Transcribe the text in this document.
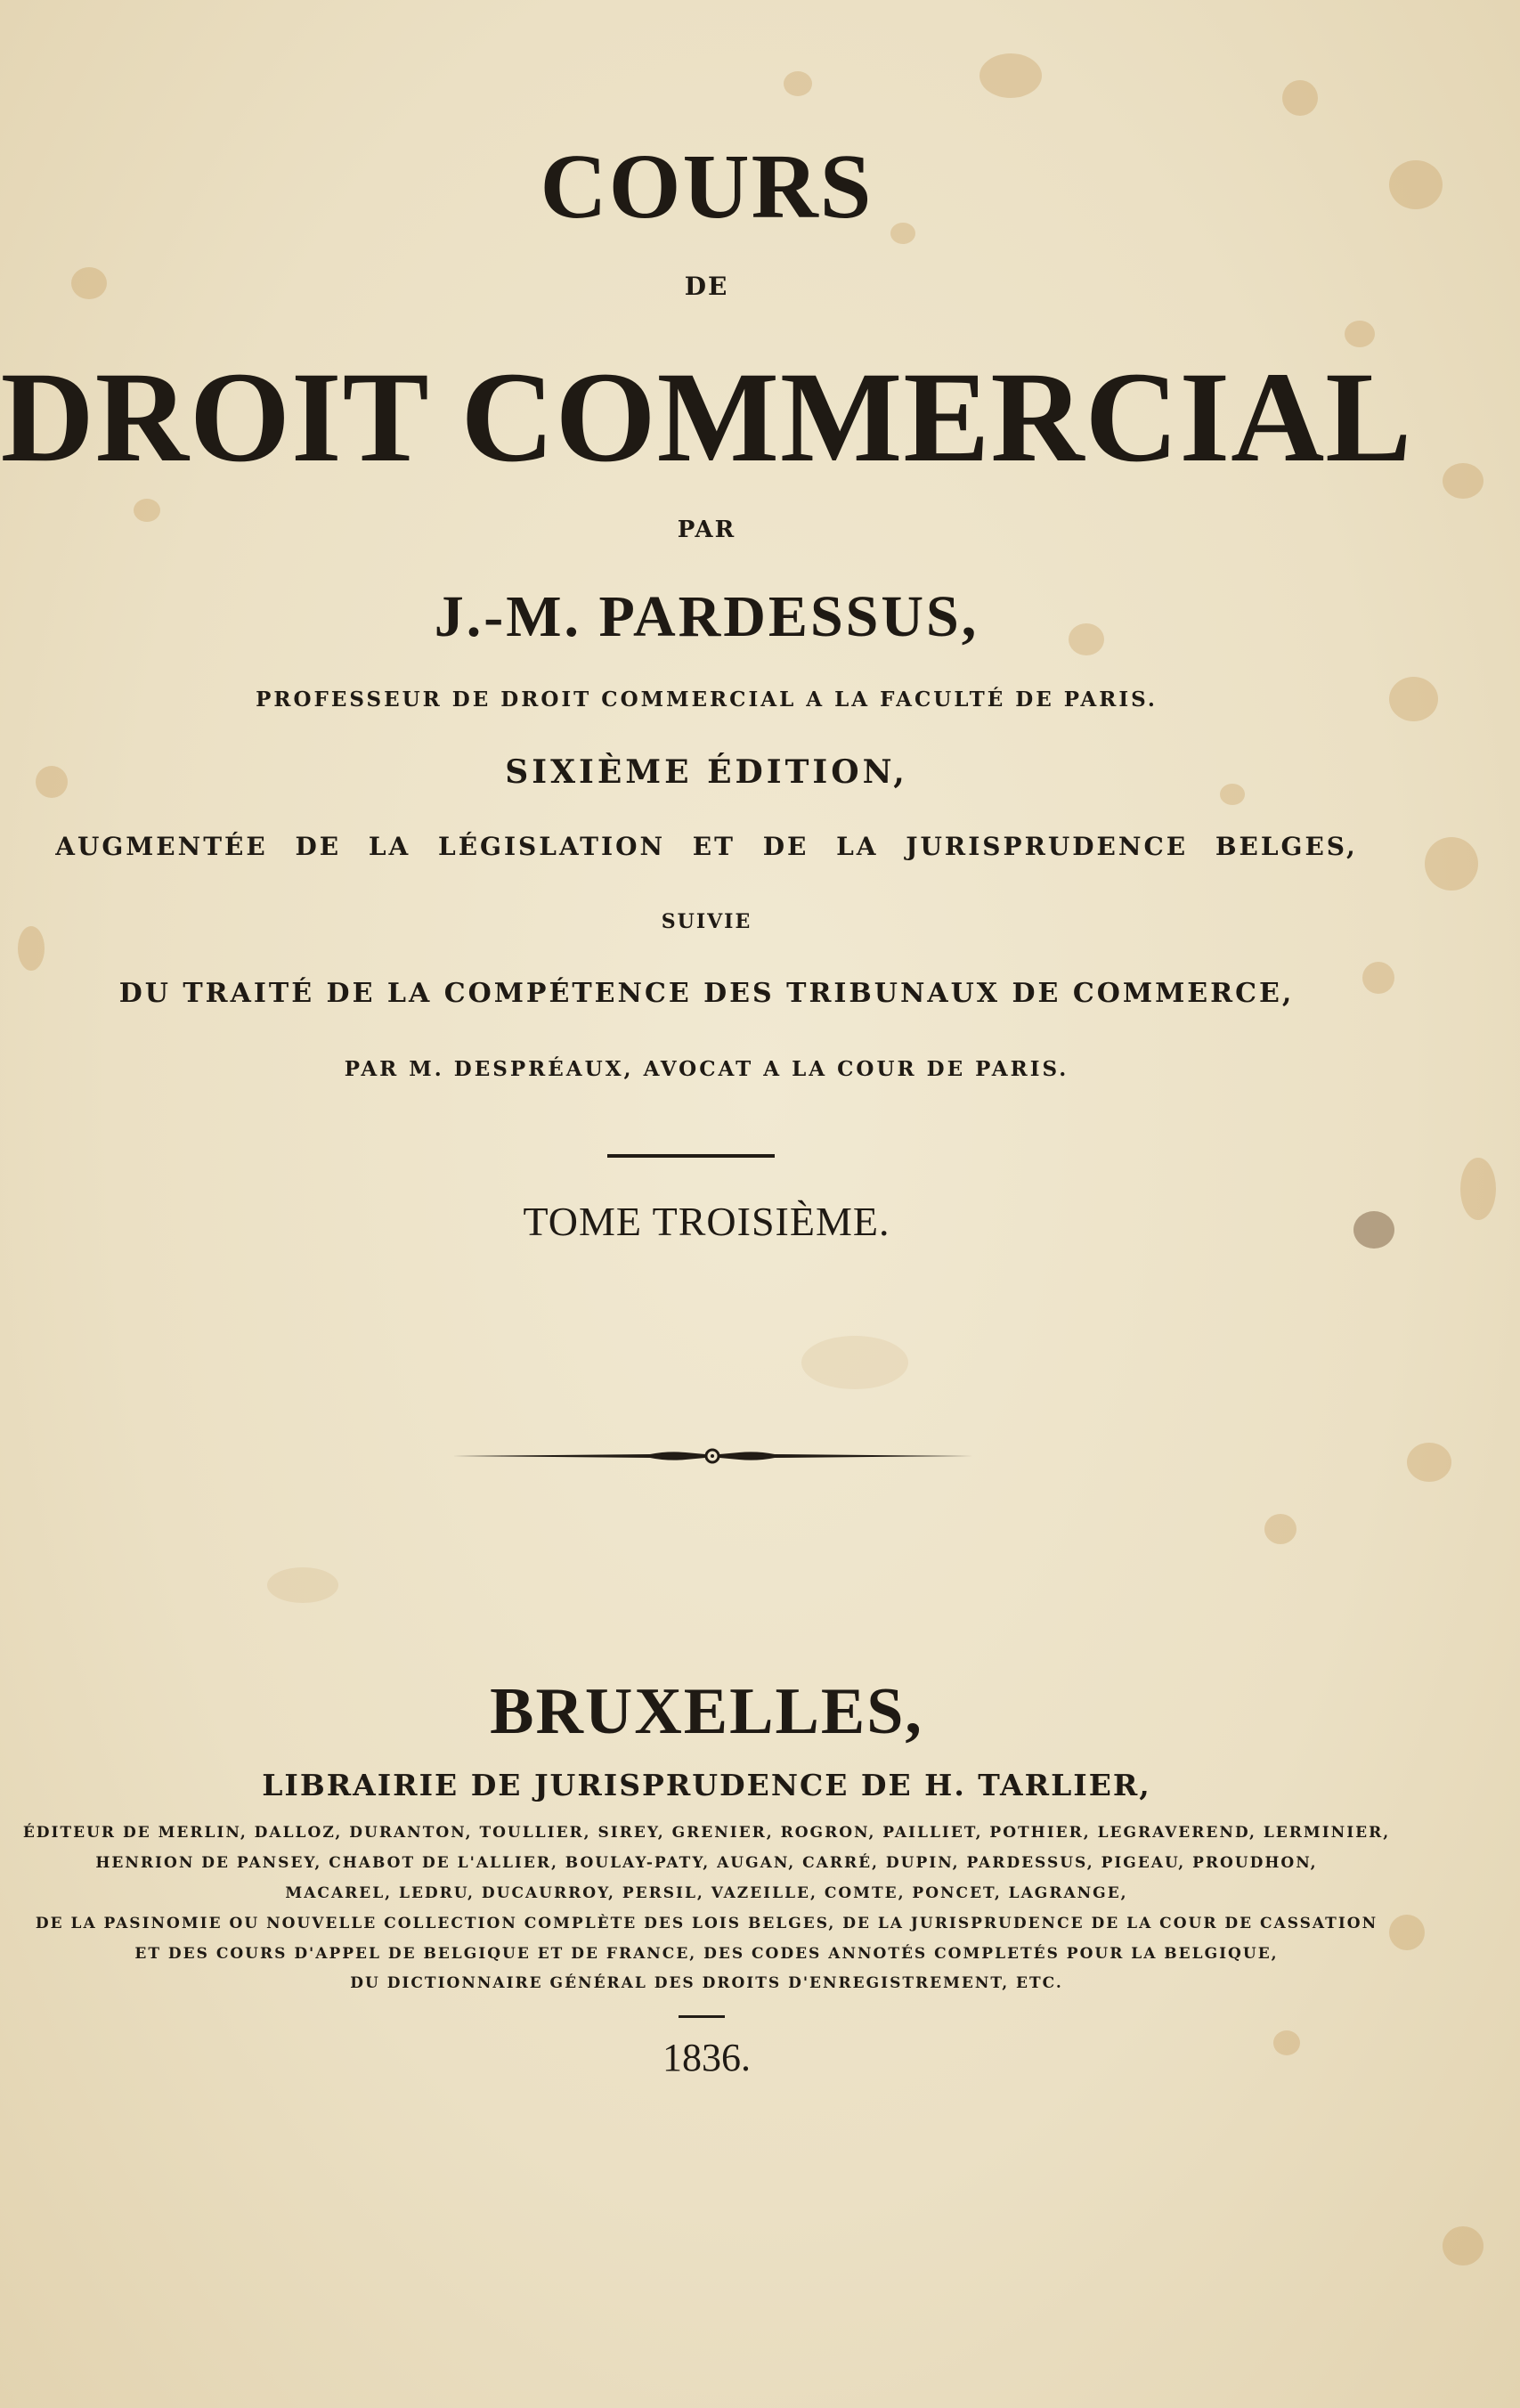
COURS
DE
DROIT COMMERCIAL
PAR
J.-M. PARDESSUS,
PROFESSEUR DE DROIT COMMERCIAL A LA FACULTÉ DE PARIS.
SIXIÈME ÉDITION,
AUGMENTÉE DE LA LÉGISLATION ET DE LA JURISPRUDENCE BELGES,
SUIVIE
DU TRAITÉ DE LA COMPÉTENCE DES TRIBUNAUX DE COMMERCE,
PAR M. DESPRÉAUX, AVOCAT A LA COUR DE PARIS.
TOME TROISIÈME.
BRUXELLES,
LIBRAIRIE DE JURISPRUDENCE DE H. TARLIER,
ÉDITEUR DE MERLIN, DALLOZ, DURANTON, TOULLIER, SIREY, GRENIER, ROGRON, PAILLIET, POTHIER, LEGRAVEREND, LERMINIER,
HENRION DE PANSEY, CHABOT DE L'ALLIER, BOULAY-PATY, AUGAN, CARRÉ, DUPIN, PARDESSUS, PIGEAU, PROUDHON,
MACAREL, LEDRU, DUCAURROY, PERSIL, VAZEILLE, COMTE, PONCET, LAGRANGE,
DE LA PASINOMIE OU NOUVELLE COLLECTION COMPLÈTE DES LOIS BELGES, DE LA JURISPRUDENCE DE LA COUR DE CASSATION
ET DES COURS D'APPEL DE BELGIQUE ET DE FRANCE, DES CODES ANNOTÉS COMPLETÉS POUR LA BELGIQUE,
DU DICTIONNAIRE GÉNÉRAL DES DROITS D'ENREGISTREMENT, ETC.
1836.
